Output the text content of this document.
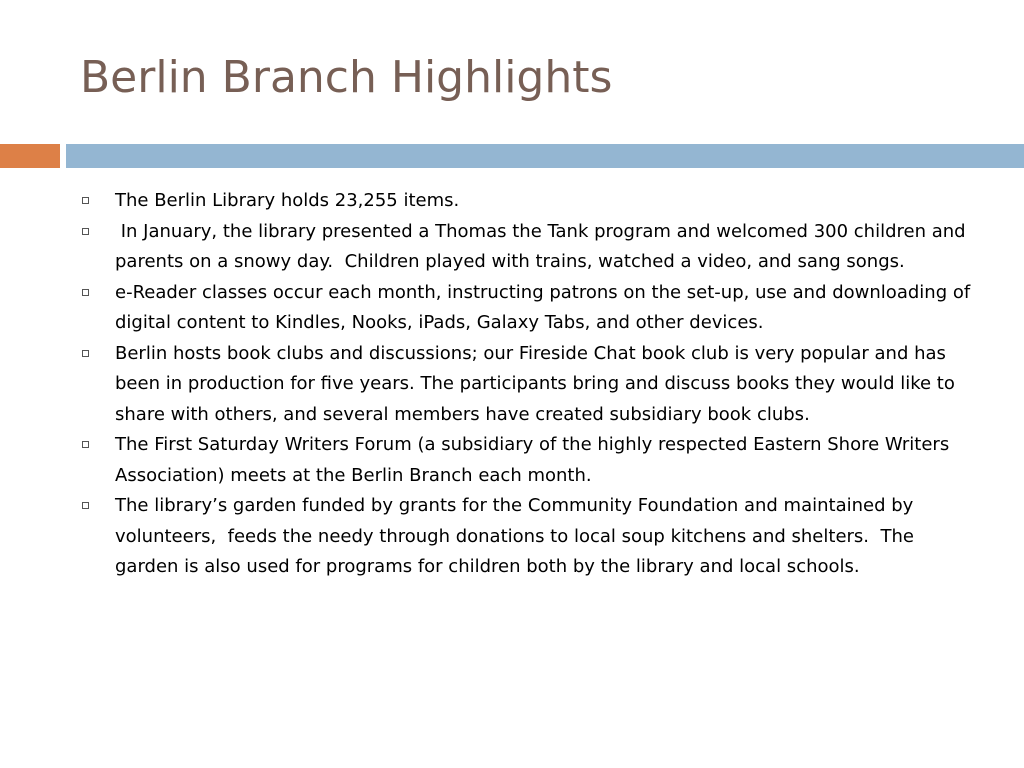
Berlin Branch Highlights
The Berlin Library holds 23,255 items.
In January, the library presented a Thomas the Tank program and welcomed 300 children and parents on a snowy day.  Children played with trains, watched a video, and sang songs.
e-Reader classes occur each month, instructing patrons on the set-up, use and downloading of digital content to Kindles, Nooks, iPads, Galaxy Tabs, and other devices.
Berlin hosts book clubs and discussions; our Fireside Chat book club is very popular and has been in production for five years. The participants bring and discuss books they would like to share with others, and several members have created subsidiary book clubs.
The First Saturday Writers Forum (a subsidiary of the highly respected Eastern Shore Writers Association) meets at the Berlin Branch each month.
The library’s garden funded by grants for the Community Foundation and maintained by volunteers,  feeds the needy through donations to local soup kitchens and shelters.  The garden is also used for programs for children both by the library and local schools.
